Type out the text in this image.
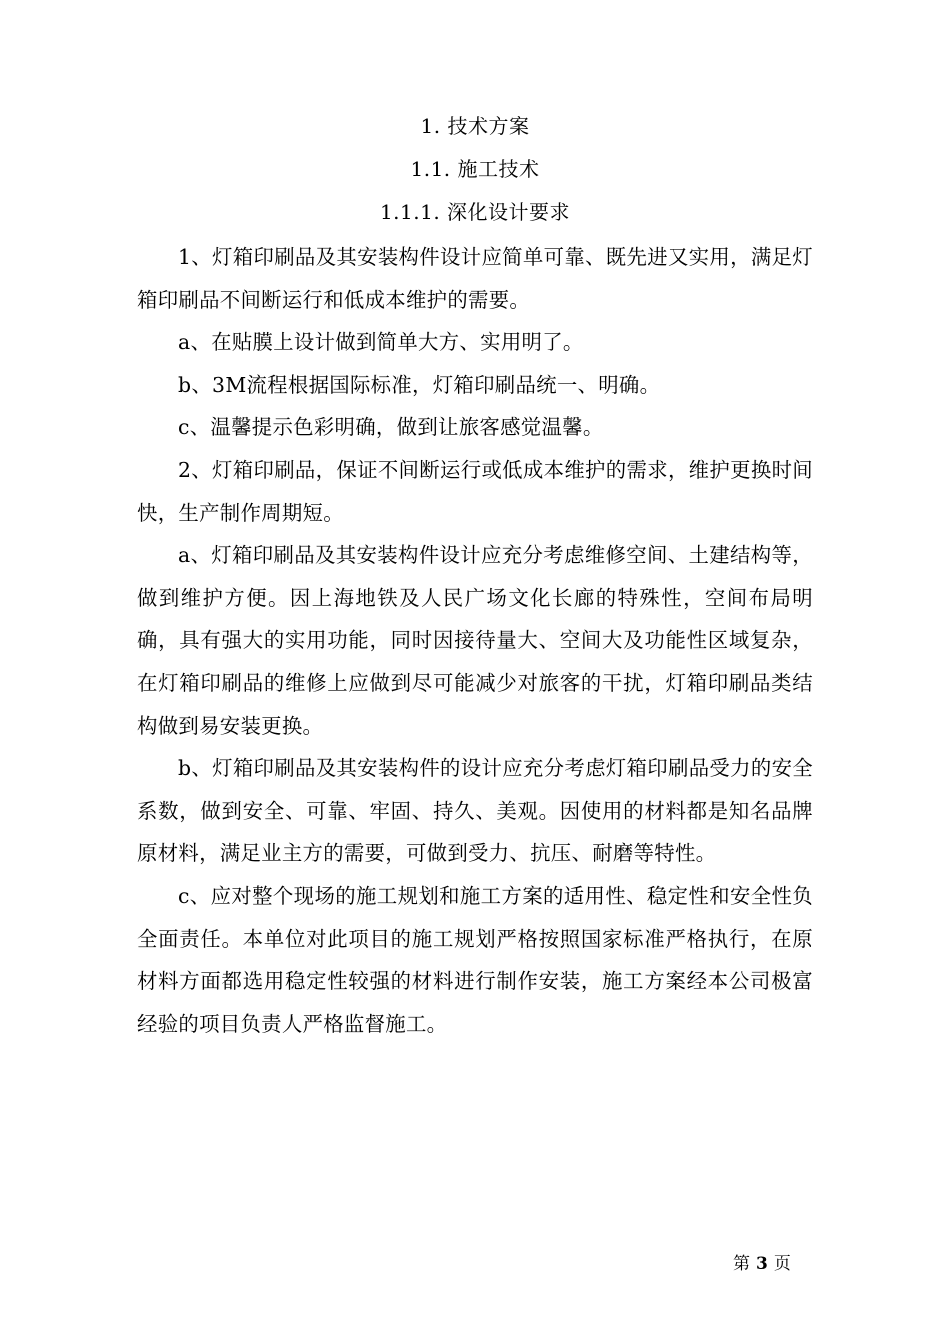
1. 技术方案
1.1. 施工技术
1.1.1. 深化设计要求

1、灯箱印刷品及其安装构件设计应简单可靠、既先进又实用，满足灯箱印刷品不间断运行和低成本维护的需要。

a、在贴膜上设计做到简单大方、实用明了。

b、3M流程根据国际标准，灯箱印刷品统一、明确。

c、温馨提示色彩明确，做到让旅客感觉温馨。

2、灯箱印刷品，保证不间断运行或低成本维护的需求，维护更换时间快，生产制作周期短。

a、灯箱印刷品及其安装构件设计应充分考虑维修空间、土建结构等，做到维护方便。因上海地铁及人民广场文化长廊的特殊性，空间布局明确，具有强大的实用功能，同时因接待量大、空间大及功能性区域复杂，在灯箱印刷品的维修上应做到尽可能减少对旅客的干扰，灯箱印刷品类结构做到易安装更换。

b、灯箱印刷品及其安装构件的设计应充分考虑灯箱印刷品受力的安全系数，做到安全、可靠、牢固、持久、美观。因使用的材料都是知名品牌原材料，满足业主方的需要，可做到受力、抗压、耐磨等特性。

c、应对整个现场的施工规划和施工方案的适用性、稳定性和安全性负全面责任。本单位对此项目的施工规划严格按照国家标准严格执行，在原材料方面都选用稳定性较强的材料进行制作安装，施工方案经本公司极富经验的项目负责人严格监督施工。

第 3 页
